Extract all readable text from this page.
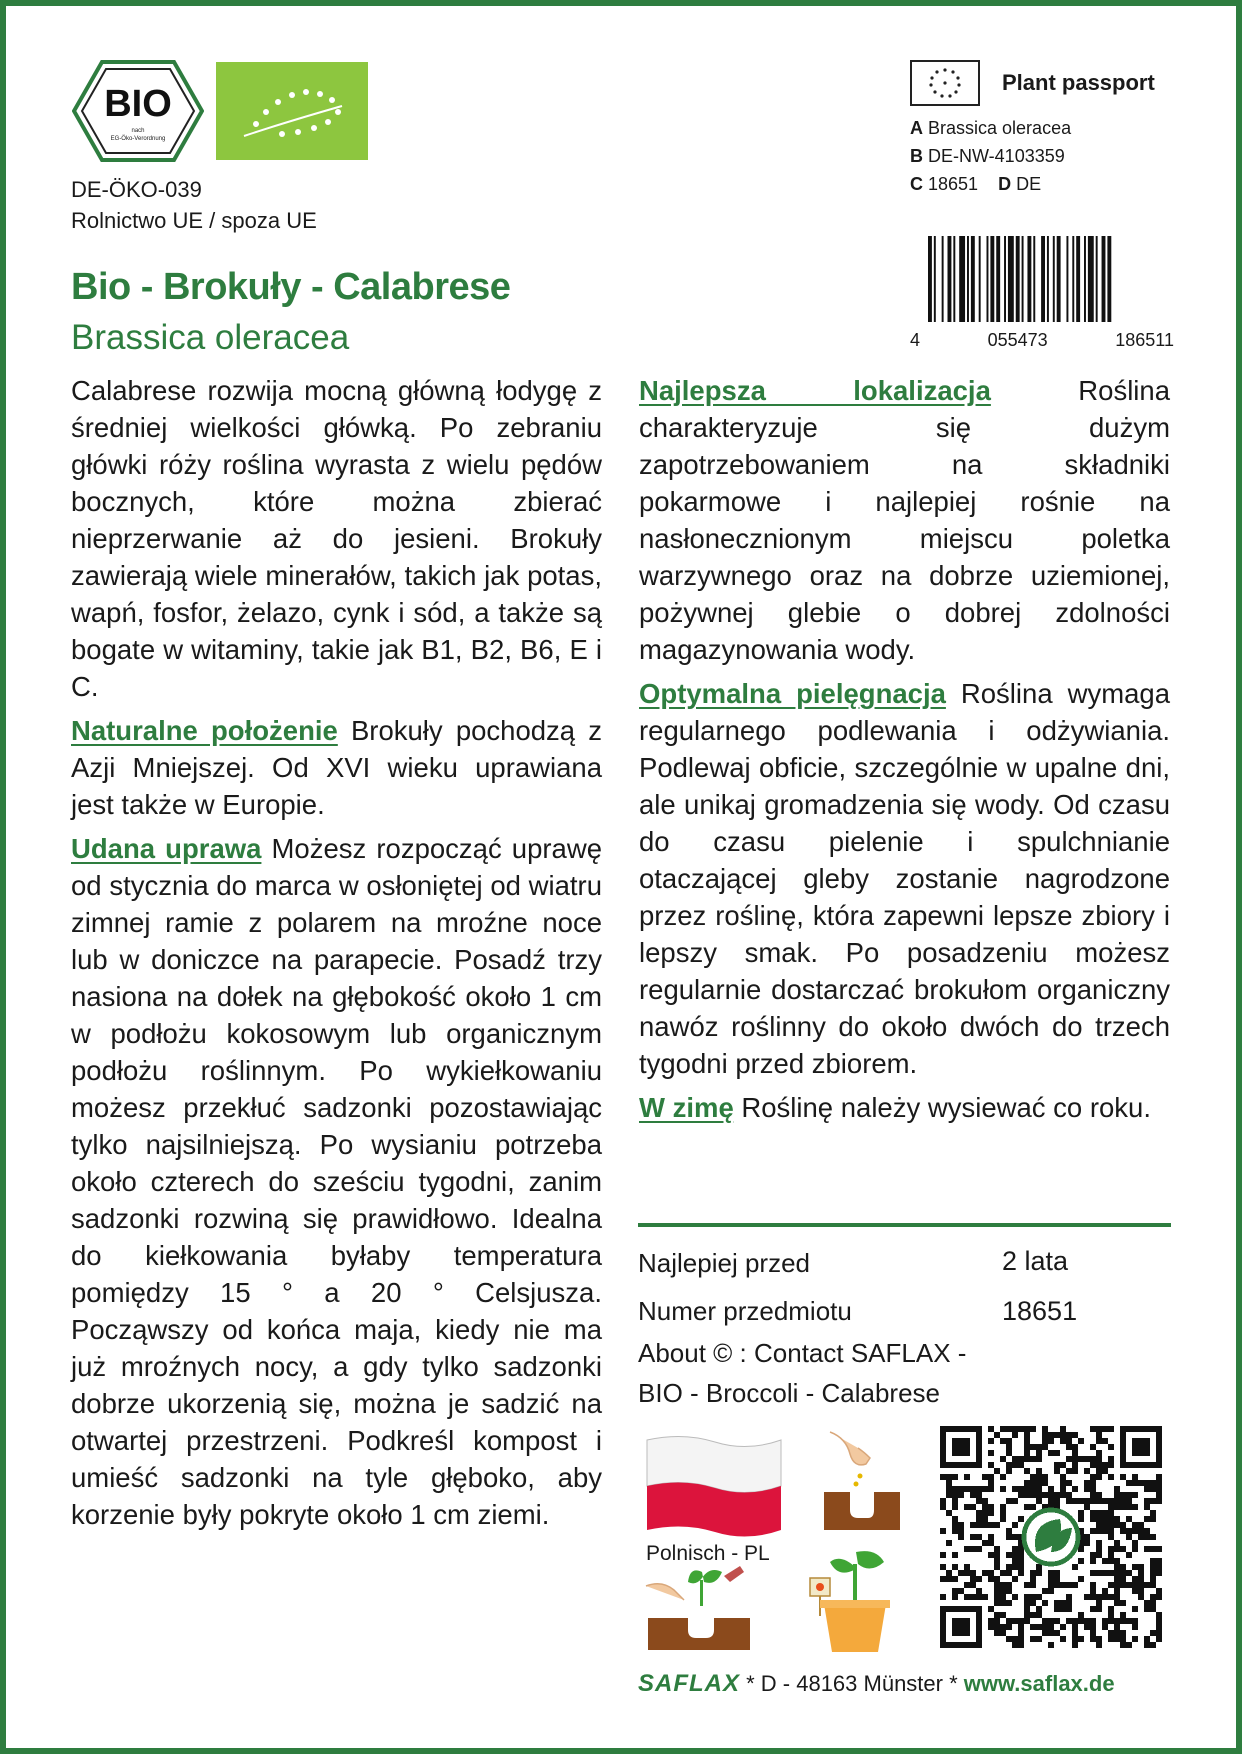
BIO
nach
EG-Öko-Verordnung
DE-ÖKO-039
Rolnictwo UE / spoza UE
Plant passport
A Brassica oleracea
B DE-NW-4103359
C 18651 D DE
4	055473	186511
Bio - Brokuły - Calabrese
Brassica oleracea

Calabrese rozwija mocną główną łodygę z średniej wielkości główką. Po zebraniu główki róży roślina wyrasta z wielu pędów bocznych, które można zbierać nieprzerwanie aż do jesieni. Brokuły zawierają wiele minerałów, takich jak potas, wapń, fosfor, żelazo, cynk i sód, a także są bogate w witaminy, takie jak B1, B2, B6, E i C.

Naturalne położenie Brokuły pochodzą z Azji Mniejszej. Od XVI wieku uprawiana jest także w Europie.

Udana uprawa Możesz rozpocząć uprawę od stycznia do marca w osłoniętej od wiatru zimnej ramie z polarem na mroźne noce lub w doniczce na parapecie. Posadź trzy nasiona na dołek na głębokość około 1 cm w podłożu kokosowym lub organicznym podłożu roślinnym. Po wykiełkowaniu możesz przekłuć sadzonki pozostawiając tylko najsilniejszą. Po wysianiu potrzeba około czterech do sześciu tygodni, zanim sadzonki rozwiną się prawidłowo. Idealna do kiełkowania byłaby temperatura pomiędzy 15 ° a 20 ° Celsjusza. Począwszy od końca maja, kiedy nie ma już mroźnych nocy, a gdy tylko sadzonki dobrze ukorzenią się, można je sadzić na otwartej przestrzeni. Podkreśl kompost i umieść sadzonki na tyle głęboko, aby korzenie były pokryte około 1 cm ziemi.

Najlepsza lokalizacja Roślina charakteryzuje się dużym zapotrzebowaniem na składniki pokarmowe i najlepiej rośnie na nasłonecznionym miejscu poletka warzywnego oraz na dobrze uziemionej, pożywnej glebie o dobrej zdolności magazynowania wody.

Optymalna pielęgnacja Roślina wymaga regularnego podlewania i odżywiania. Podlewaj obficie, szczególnie w upalne dni, ale unikaj gromadzenia się wody. Od czasu do czasu pielenie i spulchnianie otaczającej gleby zostanie nagrodzone przez roślinę, która zapewni lepsze zbiory i lepszy smak. Po posadzeniu możesz regularnie dostarczać brokułom organiczny nawóz roślinny do około dwóch do trzech tygodni przed zbiorem.

W zimę Roślinę należy wysiewać co roku.

Najlepiej przed	2 lata
Numer przedmiotu	18651
About © : Contact SAFLAX -
BIO - Broccoli - Calabrese
Polnisch - PL
SAFLAX * D - 48163 Münster * www.saflax.de
